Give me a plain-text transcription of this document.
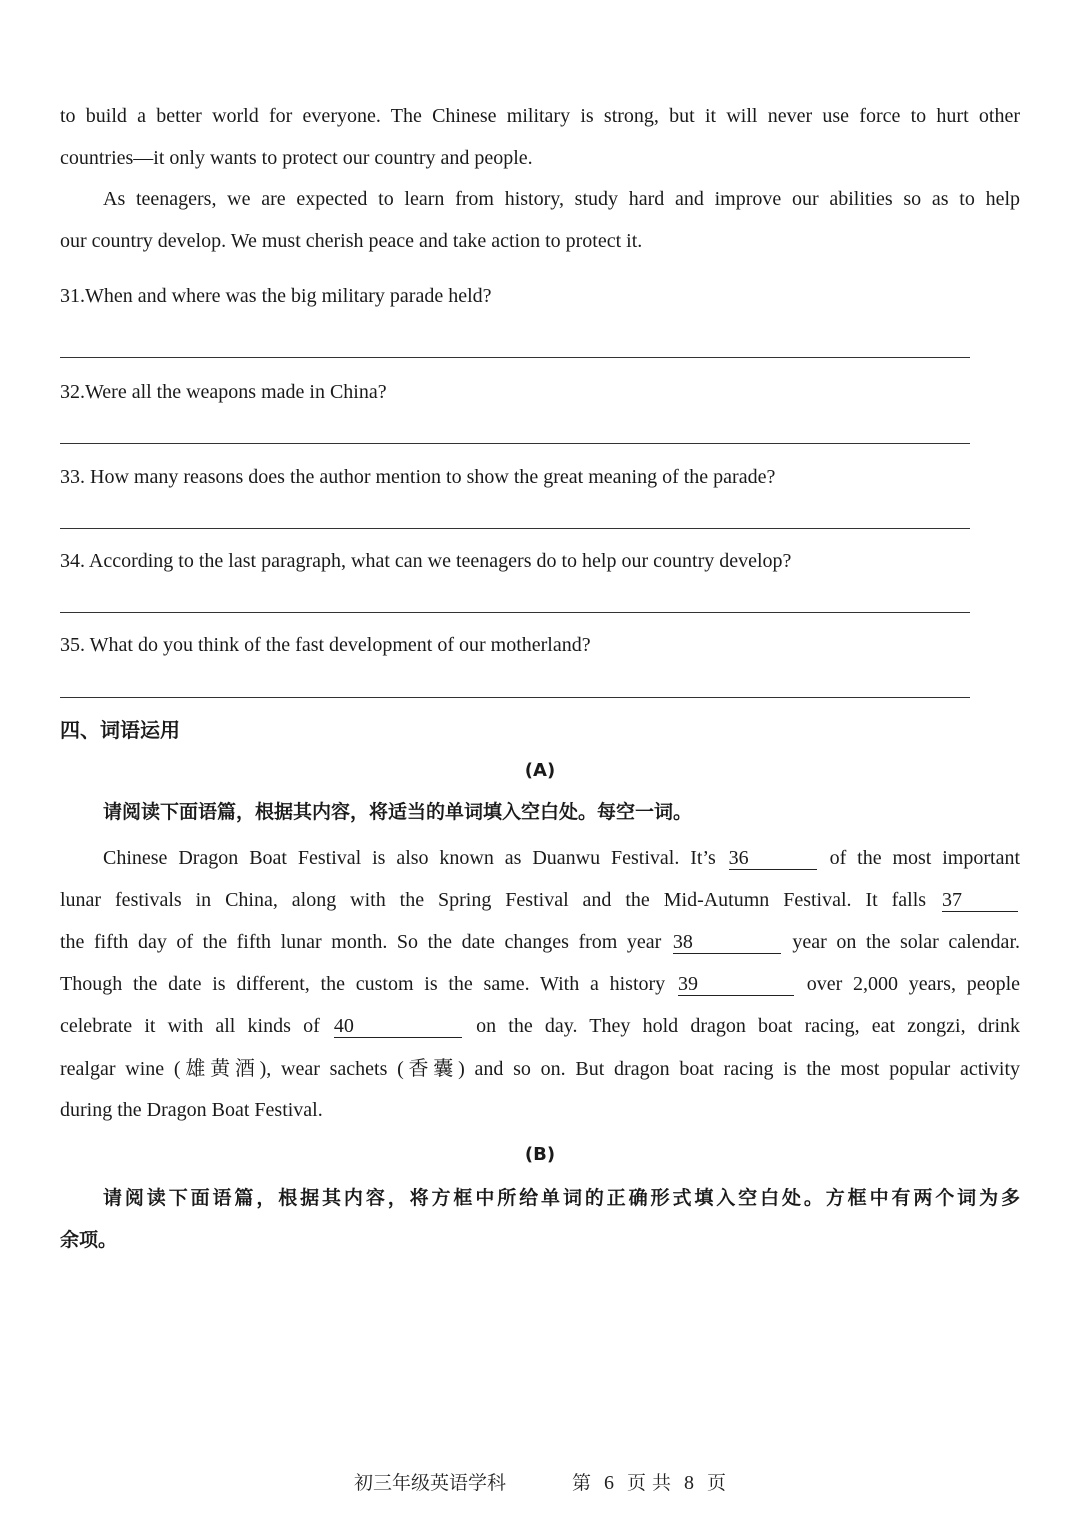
to build a better world for everyone. The Chinese military is strong, but it will never use force to hurt other
countries—it only wants to protect our country and people.
As teenagers, we are expected to learn from history, study hard and improve our abilities so as to help
our country develop. We must cherish peace and take action to protect it.
31.When and where was the big military parade held?
32.Were all the weapons made in China?
33. How many reasons does the author mention to show the great meaning of the parade?
34. According to the last paragraph, what can we teenagers do to help our country develop?
35. What do you think of the fast development of our motherland?
四、词语运用
(A)
请阅读下面语篇，根据其内容，将适当的单词填入空白处。每空一词。
Chinese Dragon Boat Festival is also known as Duanwu Festival. It’s 36	of the most important
lunar festivals in China, along with the Spring Festival and the Mid-Autumn Festival. It falls 37
the fifth day of the fifth lunar month. So the date changes from year 38	year on the solar calendar.
Though the date is different, the custom is the same. With a history 39	over 2,000 years, people
celebrate it with all kinds of 40	on the day. They hold dragon boat racing, eat zongzi, drink
realgar wine (雄黄酒), wear sachets (香囊) and so on. But dragon boat racing is the most popular activity
during the Dragon Boat Festival.
(B)
请阅读下面语篇，根据其内容，将方框中所给单词的正确形式填入空白处。方框中有两个词为多
余项。
初三年级英语学科	第 6 页 共 8 页
